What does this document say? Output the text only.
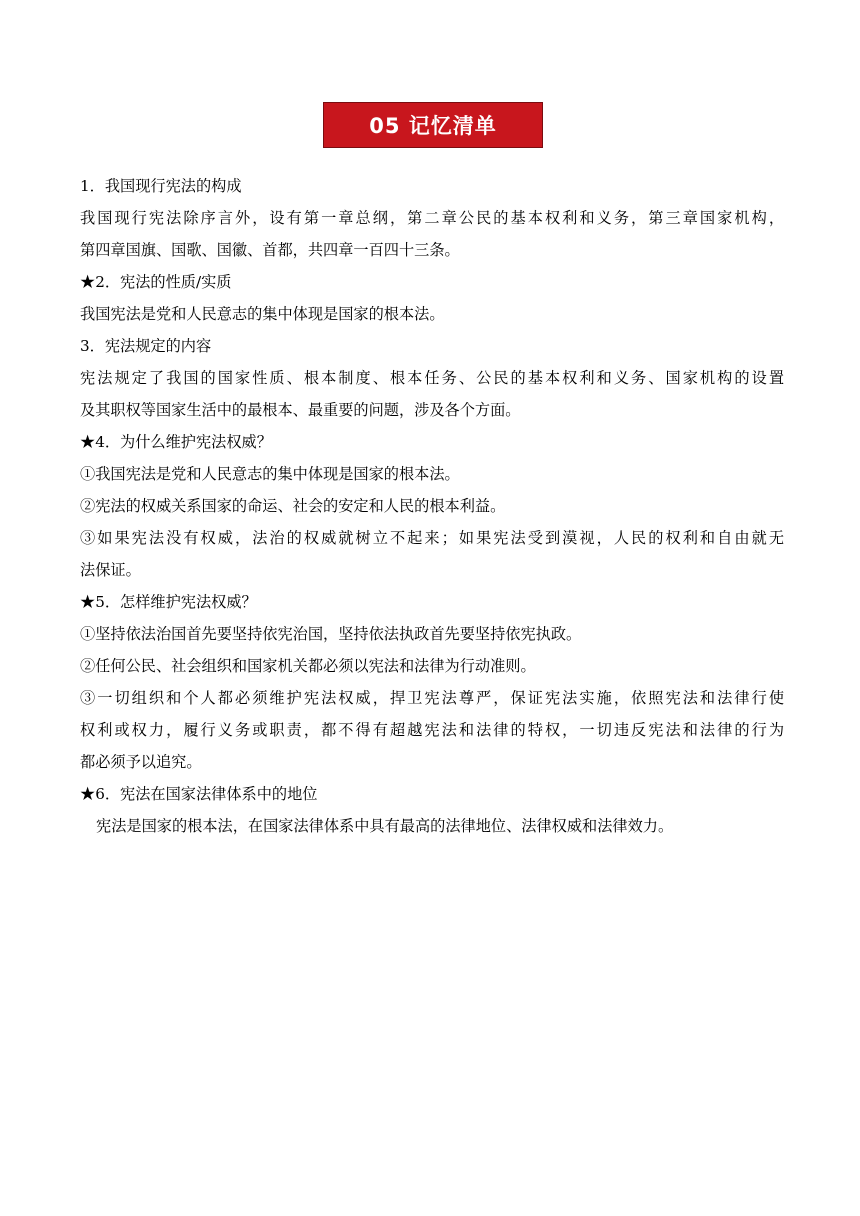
05 记忆清单
1．我国现行宪法的构成
我国现行宪法除序言外，设有第一章总纲，第二章公民的基本权利和义务，第三章国家机构，
第四章国旗、国歌、国徽、首都，共四章一百四十三条。
★2．宪法的性质/实质
我国宪法是党和人民意志的集中体现是国家的根本法。
3．宪法规定的内容
宪法规定了我国的国家性质、根本制度、根本任务、公民的基本权利和义务、国家机构的设置
及其职权等国家生活中的最根本、最重要的问题，涉及各个方面。
★4．为什么维护宪法权威？
①我国宪法是党和人民意志的集中体现是国家的根本法。
②宪法的权威关系国家的命运、社会的安定和人民的根本利益。
③如果宪法没有权威，法治的权威就树立不起来；如果宪法受到漠视，人民的权利和自由就无
法保证。
★5．怎样维护宪法权威？
①坚持依法治国首先要坚持依宪治国，坚持依法执政首先要坚持依宪执政。
②任何公民、社会组织和国家机关都必须以宪法和法律为行动准则。
③一切组织和个人都必须维护宪法权威，捍卫宪法尊严，保证宪法实施，依照宪法和法律行使
权利或权力，履行义务或职责，都不得有超越宪法和法律的特权，一切违反宪法和法律的行为
都必须予以追究。
★6．宪法在国家法律体系中的地位
宪法是国家的根本法，在国家法律体系中具有最高的法律地位、法律权威和法律效力。
